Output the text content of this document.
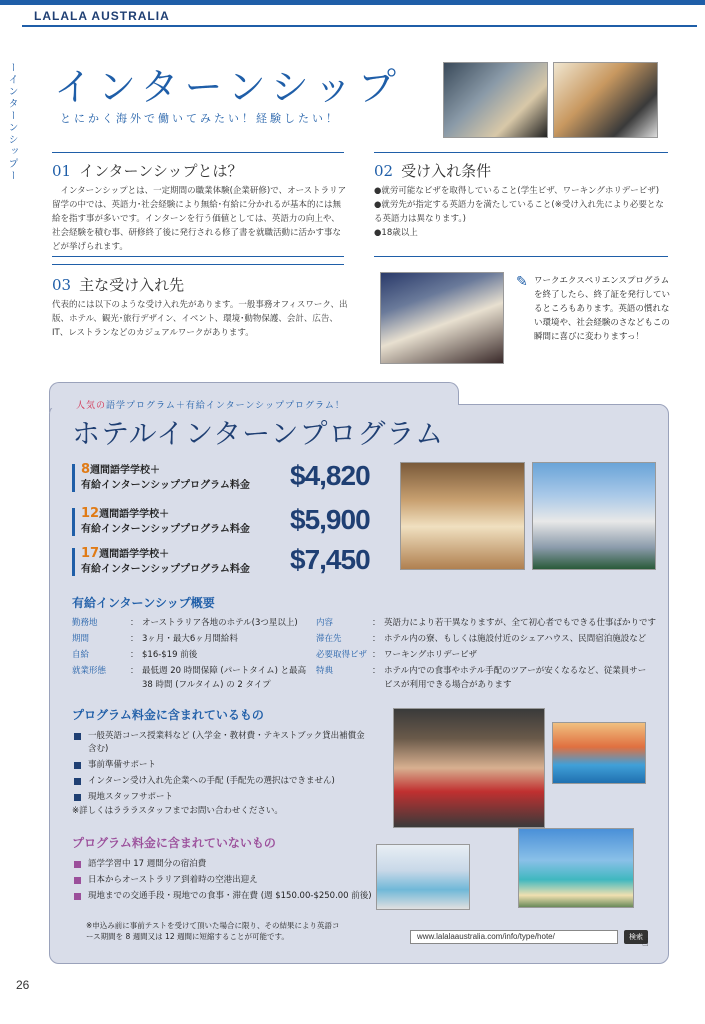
LALALA AUSTRALIA
ーインターンシップー インターンシップ
とにかく海外で働いてみたい！経験したい！
01 インターンシップとは？
インターンシップとは、一定期間の職業体験(企業研修)で、オーストラリア留学の中では、英語力･社会経験により無給･有給に分かれるが基本的には無給を指す事が多いです。インターンを行う価値としては、英語力の向上や、社会経験を積む事、研修終了後に発行される修了書を就職活動に活かす事などが挙げられます。
02 受け入れ条件
●就労可能なビザを取得していること(学生ビザ、ワーキングホリデービザ)
●就労先が指定する英語力を満たしていること(※受け入れ先により必要となる英語力は異なります。)
●18歳以上
03 主な受け入れ先
代表的には以下のような受け入れ先があります。一般事務オフィスワーク、出版、ホテル、観光･旅行デザイン、イベント、環境･動物保護、会計、広告、IT、レストランなどのカジュアルワークがあります。
✎ ワークエクスペリエンスプログラムを終了したら、終了証を発行しているところもあります。英語の慣れない環境や、社会経験のさなどもこの瞬間に喜びに変わりますっ！
人気の語学プログラム＋有給インターンシッププログラム！
ホテルインターンプログラム
8週間語学学校＋
有給インターンシッププログラム料金 $4,820
12週間語学学校＋
有給インターンシッププログラム料金 $5,900
17週間語学学校＋
有給インターンシッププログラム料金 $7,450
有給インターンシップ概要
勤務地	： オーストラリア各地のホテル(3つ星以上)
期間	： 3ヶ月・最大6ヶ月間給料
自給	： $16-$19 前後
就業形態	： 最低週 20 時間保障 (パートタイム) と最高 38 時間 (フルタイム) の 2 タイプ
内容	： 英語力により若干異なりますが、全て初心者でもできる仕事ばかりです
滞在先	： ホテル内の寮、もしくは施設付近のシェアハウス、民間宿泊施設など
必要取得ビザ ： ワーキングホリデービザ
特典	： ホテル内での食事やホテル手配のツアーが安くなるなど、従業員サービスが利用できる場合があります
プログラム料金に含まれているもの
一般英語コース授業料など (入学金・教材費・テキストブック貸出補償金含む)
事前準備サポート
インターン受け入れ先企業への手配 (手配先の選択はできません)
現地スタッフサポート
※詳しくはラララスタッフまでお問い合わせください。
プログラム料金に含まれていないもの
語学学習中 17 週間分の宿泊費
日本からオーストラリア到着時の空港出迎え
現地までの交通手段・現地での食事・滞在費 (週 $150.00-$250.00 前後)
※申込み前に事前テストを受けて頂いた場合に限り、その結果により英語コース期間を 8 週間又は 12 週間に短縮することが可能です。	www.lalalaaustralia.com/info/type/hote/	検索 ☝
26
